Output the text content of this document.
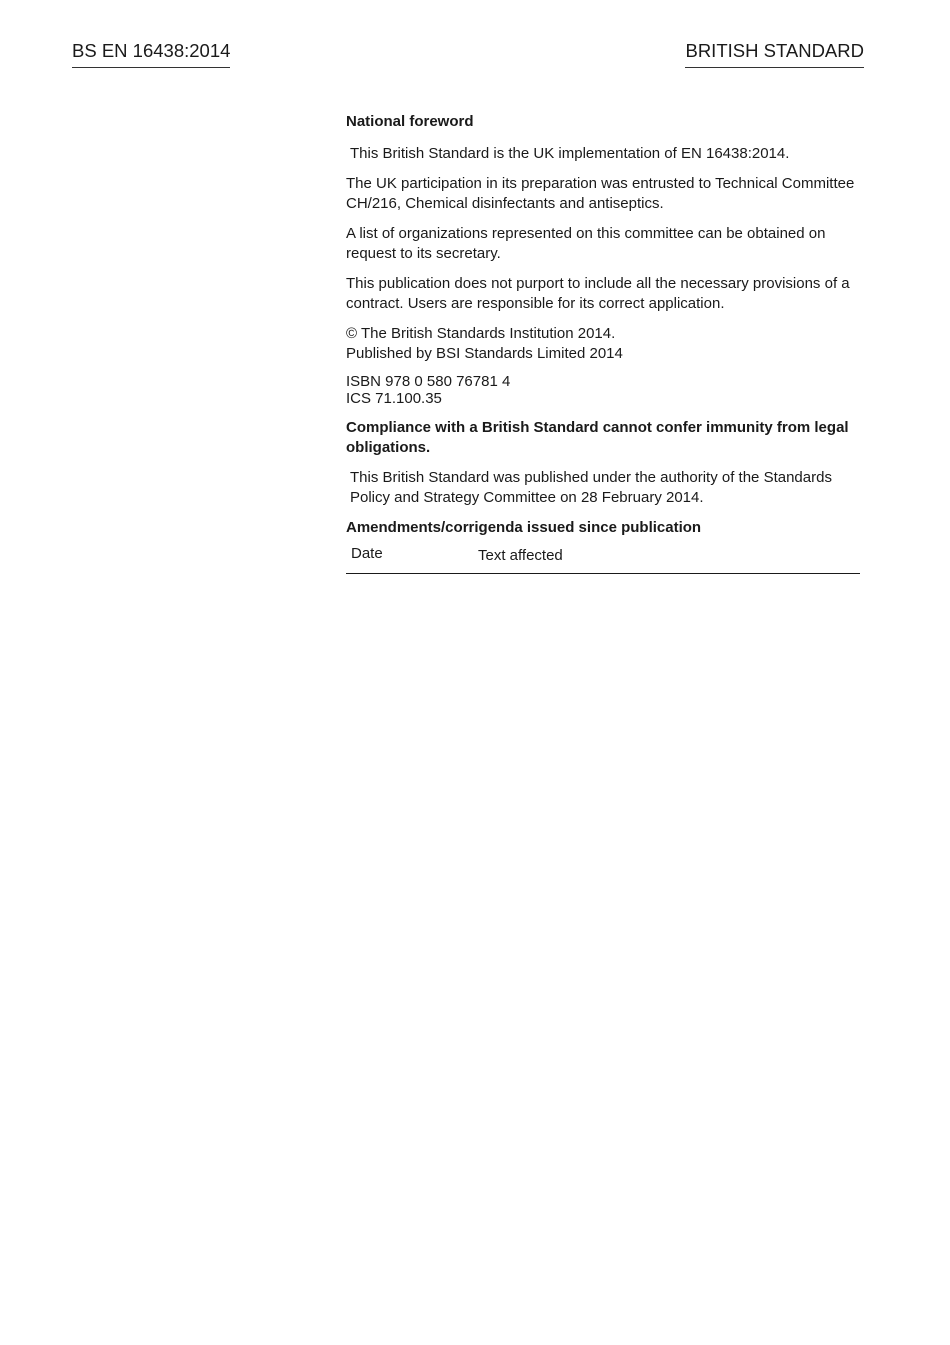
BS EN 16438:2014	BRITISH STANDARD

National foreword

This British Standard is the UK implementation of EN 16438:2014.

The UK participation in its preparation was entrusted to Technical Committee CH/216, Chemical disinfectants and antiseptics.

A list of organizations represented on this committee can be obtained on request to its secretary.

This publication does not purport to include all the necessary provisions of a contract. Users are responsible for its correct application.

© The British Standards Institution 2014.

Published by BSI Standards Limited 2014

ISBN 978 0 580 76781 4

ICS 71.100.35

Compliance with a British Standard cannot confer immunity from legal obligations.

This British Standard was published under the authority of the Standards Policy and Strategy Committee on 28 February 2014.

Amendments/corrigenda issued since publication

Date	Text affected
